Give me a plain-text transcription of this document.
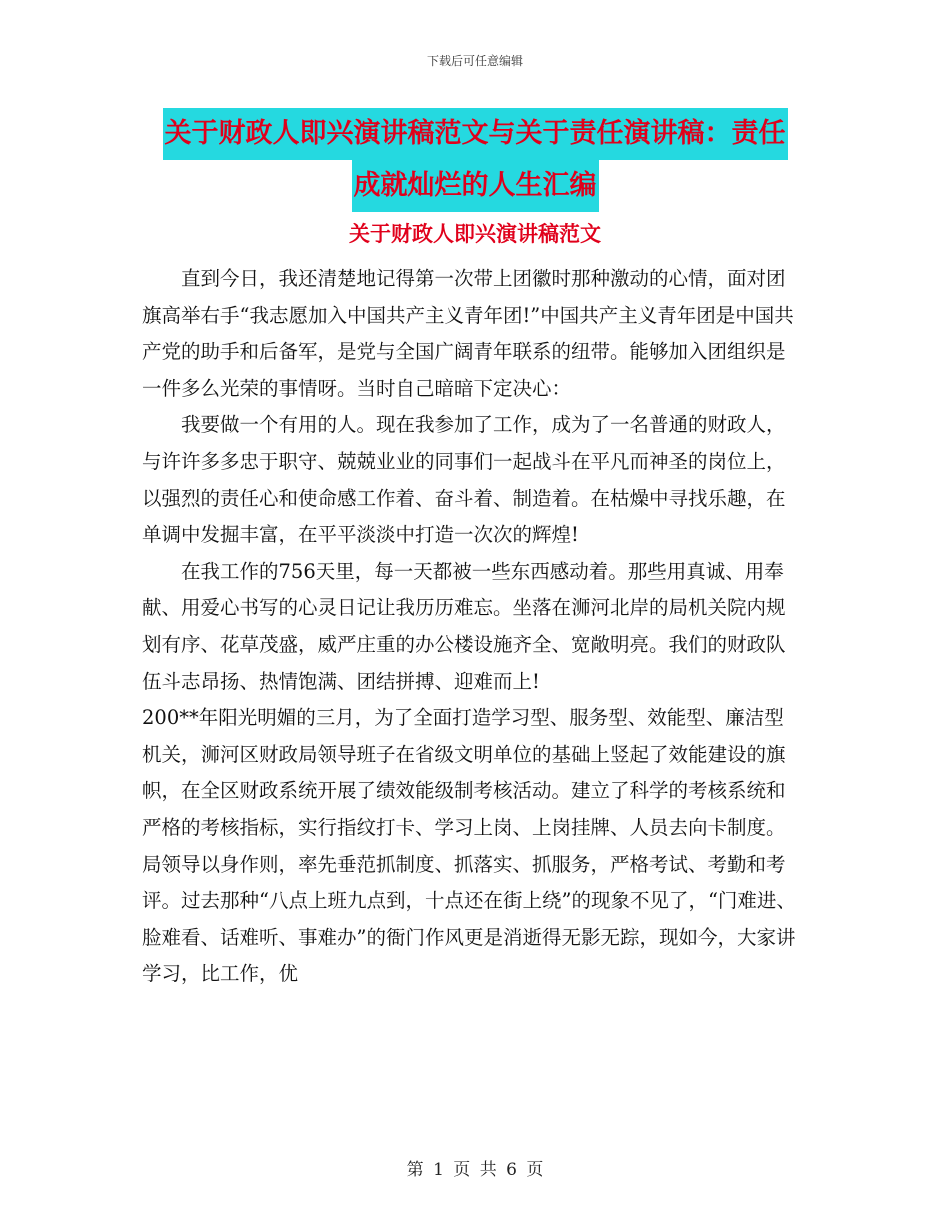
下载后可任意编辑
关于财政人即兴演讲稿范文与关于责任演讲稿：责任
成就灿烂的人生汇编
关于财政人即兴演讲稿范文

直到今日，我还清楚地记得第一次带上团徽时那种激动的心情，面对团旗高举右手“我志愿加入中国共产主义青年团!”中国共产主义青年团是中国共产党的助手和后备军，是党与全国广阔青年联系的纽带。能够加入团组织是一件多么光荣的事情呀。当时自己暗暗下定决心：

我要做一个有用的人。现在我参加了工作，成为了一名普通的财政人，与许许多多忠于职守、兢兢业业的同事们一起战斗在平凡而神圣的岗位上，以强烈的责任心和使命感工作着、奋斗着、制造着。在枯燥中寻找乐趣，在单调中发掘丰富，在平平淡淡中打造一次次的辉煌!

在我工作的756天里，每一天都被一些东西感动着。那些用真诚、用奉献、用爱心书写的心灵日记让我历历难忘。坐落在浉河北岸的局机关院内规划有序、花草茂盛，威严庄重的办公楼设施齐全、宽敞明亮。我们的财政队伍斗志昂扬、热情饱满、团结拼搏、迎难而上!

200**年阳光明媚的三月，为了全面打造学习型、服务型、效能型、廉洁型机关，浉河区财政局领导班子在省级文明单位的基础上竖起了效能建设的旗帜，在全区财政系统开展了绩效能级制考核活动。建立了科学的考核系统和严格的考核指标，实行指纹打卡、学习上岗、上岗挂牌、人员去向卡制度。局领导以身作则，率先垂范抓制度、抓落实、抓服务，严格考试、考勤和考评。过去那种“八点上班九点到，十点还在街上绕”的现象不见了，“门难进、脸难看、话难听、事难办”的衙门作风更是消逝得无影无踪，现如今，大家讲学习，比工作，优

第 1 页 共 6 页
